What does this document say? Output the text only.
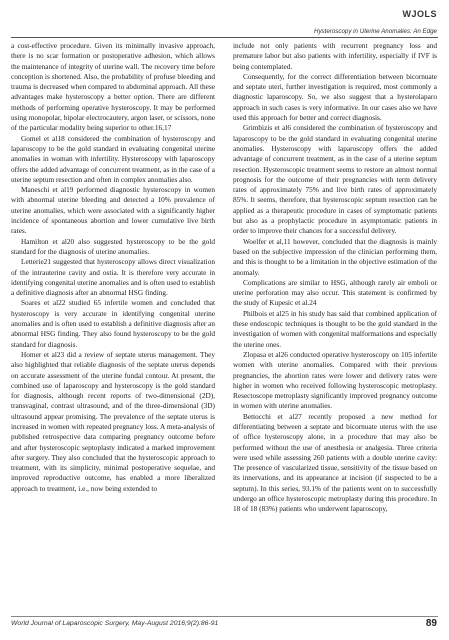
WJOLS
Hysteroscopy in Uterine Anomalies: An Edge

a cost-effective procedure. Given its minimally invasive approach, there is no scar formation or postoperative adhesion, which allows the maintenance of integrity of uterine wall. The recovery time before conception is shortened. Also, the probability of profuse bleeding and trauma is decreased when compared to abdominal approach. All these advantages make hysteroscopy a better option. There are different methods of performing operative hysteroscopy. It may be performed using monopolar, bipolar electrocautery, argon laser, or scissors, none of the particular modality being superior to other.16,17

Gomel et al18 considered the combination of hysteroscopy and laparoscopy to be the gold standard in evaluating congenital uterine anomalies in woman with infertility. Hysteroscopy with laparoscopy offers the added advantage of concurrent treatment, as in the case of a uterine septum resection and often in complex anomalies also.

Maneschi et al19 performed diagnostic hysteroscopy in women with abnormal uterine bleeding and detected a 10% prevalence of uterine anomalies, which were associated with a significantly higher incidence of spontaneous abortion and lower cumulative live birth rates.

Hamilton et al20 also suggested hysteroscopy to be the gold standard for the diagnosis of uterine anomalies.

Letterie21 suggested that hysteroscopy allows direct visualization of the intrauterine cavity and ostia. It is therefore very accurate in identifying congenital uterine anomalies and is often used to establish a definitive diagnosis after an abnormal HSG finding.

Soares et al22 studied 65 infertile women and concluded that hysteroscopy is very accurate in identifying congenital uterine anomalies and is often used to establish a definitive diagnosis after an abnormal HSG finding. They also found hysteroscopy to be the gold standard for diagnosis.

Homer et al23 did a review of septate uterus management. They also highlighted that reliable diagnosis of the septate uterus depends on accurate assessment of the uterine fundal contour. At present, the combined use of laparoscopy and hysteroscopy is the gold standard for diagnosis, although recent reports of two-dimensional (2D), transvaginal, contrast ultrasound, and of the three-dimensional (3D) ultrasound appear promising. The prevalence of the septate uterus is increased in women with repeated pregnancy loss. A meta-analysis of published retrospective data comparing pregnancy outcome before and after hysteroscopic septoplasty indicated a marked improvement after surgery. They also concluded that the hysteroscopic approach to treatment, with its simplicity, minimal postoperative sequelae, and improved reproductive outcome, has enabled a more liberalized approach to treatment, i.e., now being extended to

include not only patients with recurrent pregnancy loss and premature labor but also patients with infertility, especially if IVF is being contemplated.

Consequently, for the correct differentiation between bicornuate and septate uteri, further investigation is required, most commonly a diagnostic laparoscopy. So, we also suggest that a hysterolaparo approach in such cases is very informative. In our cases also we have used this approach for better and correct diagnosis.

Grimbizis et al6 considered the combination of hysteroscopy and laparoscopy to be the gold standard in evaluating congenital uterine anomalies. Hysteroscopy with laparoscopy offers the added advantage of concurrent treatment, as in the case of a uterine septum resection. Hysteroscopic treatment seems to restore an almost normal prognosis for the outcome of their pregnancies with term delivery rates of approximately 75% and live birth rates of approximately 85%. It seems, therefore, that hysteroscopic septum resection can be applied as a therapeutic procedure in cases of symptomatic patients but also as a prophylactic procedure in asymptomatic patients in order to improve their chances for a successful delivery.

Woelfer et al,11 however, concluded that the diagnosis is mainly based on the subjective impression of the clinician performing them, and this is thought to be a limitation in the objective estimation of the anomaly.

Complications are similar to HSG, although rarely air emboli or uterine perforation may also occur. This statement is confirmed by the study of Kupesic et al.24

Philbois et al25 in his study has said that combined application of these endoscopic techniques is thought to be the gold standard in the investigation of women with congenital malformations and especially the uterine ones.

Zlopasa et al26 conducted operative hysteroscopy on 105 infertile women with uterine anomalies. Compared with their previous pregnancies, the abortion rates were lower and delivery rates were higher in women who received following hysteroscopic metroplasty. Resectoscope metroplasty significantly improved pregnancy outcome in women with uterine anomalies.

Bettocchi et al27 recently proposed a new method for differentiating between a septate and bicornuate uterus with the use of office hysteroscopy alone, in a procedure that may also be performed without the use of anesthesia or analgesia. Three criteria were used while assessing 260 patients with a double uterine cavity: The presence of vascularized tissue, sensitivity of the tissue based on its innervations, and its appearance at incision (if suspected to be a septum). In this series, 93.1% of the patients went on to successfully undergo an office hysteroscopic metroplasty during this procedure. In 18 of 18 (83%) patients who underwent laparoscopy,

World Journal of Laparoscopic Surgery, May-August 2016;9(2):86-91	89
